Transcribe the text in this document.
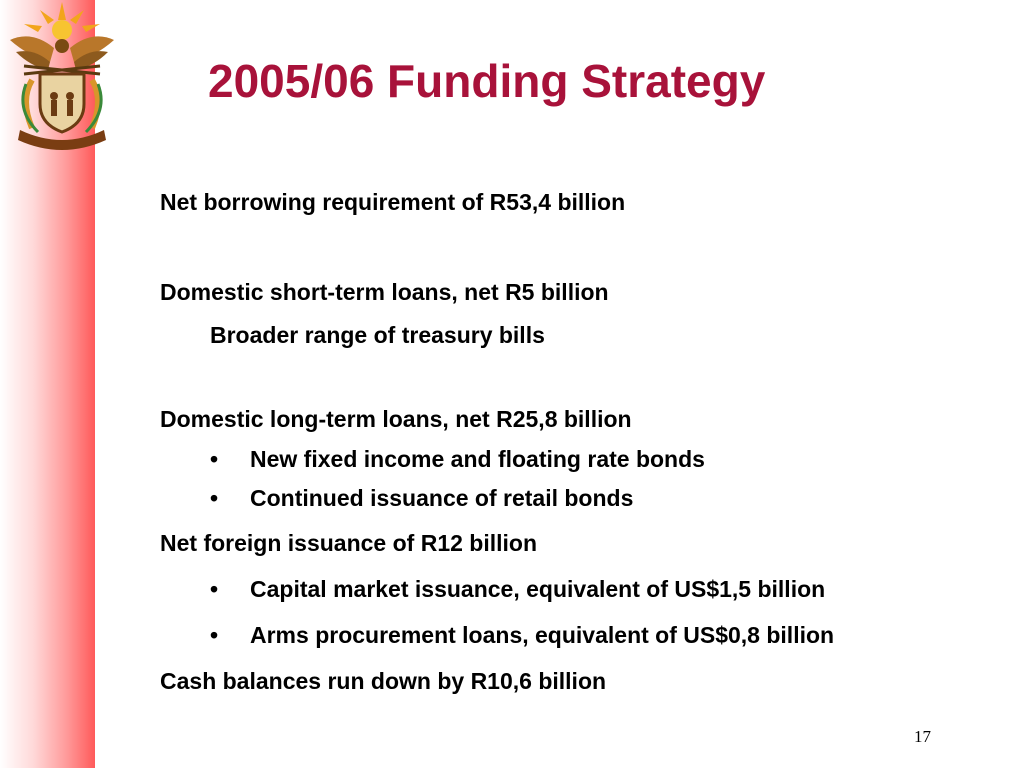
2005/06 Funding Strategy
Net borrowing requirement of R53,4 billion
Domestic short-term loans, net R5 billion
Broader range of treasury bills
Domestic long-term loans, net R25,8 billion
• New fixed income and floating rate bonds
• Continued issuance of retail bonds
Net foreign issuance of R12 billion
• Capital market issuance, equivalent of US$1,5 billion
• Arms procurement loans, equivalent of US$0,8 billion
Cash balances run down by R10,6 billion
17
